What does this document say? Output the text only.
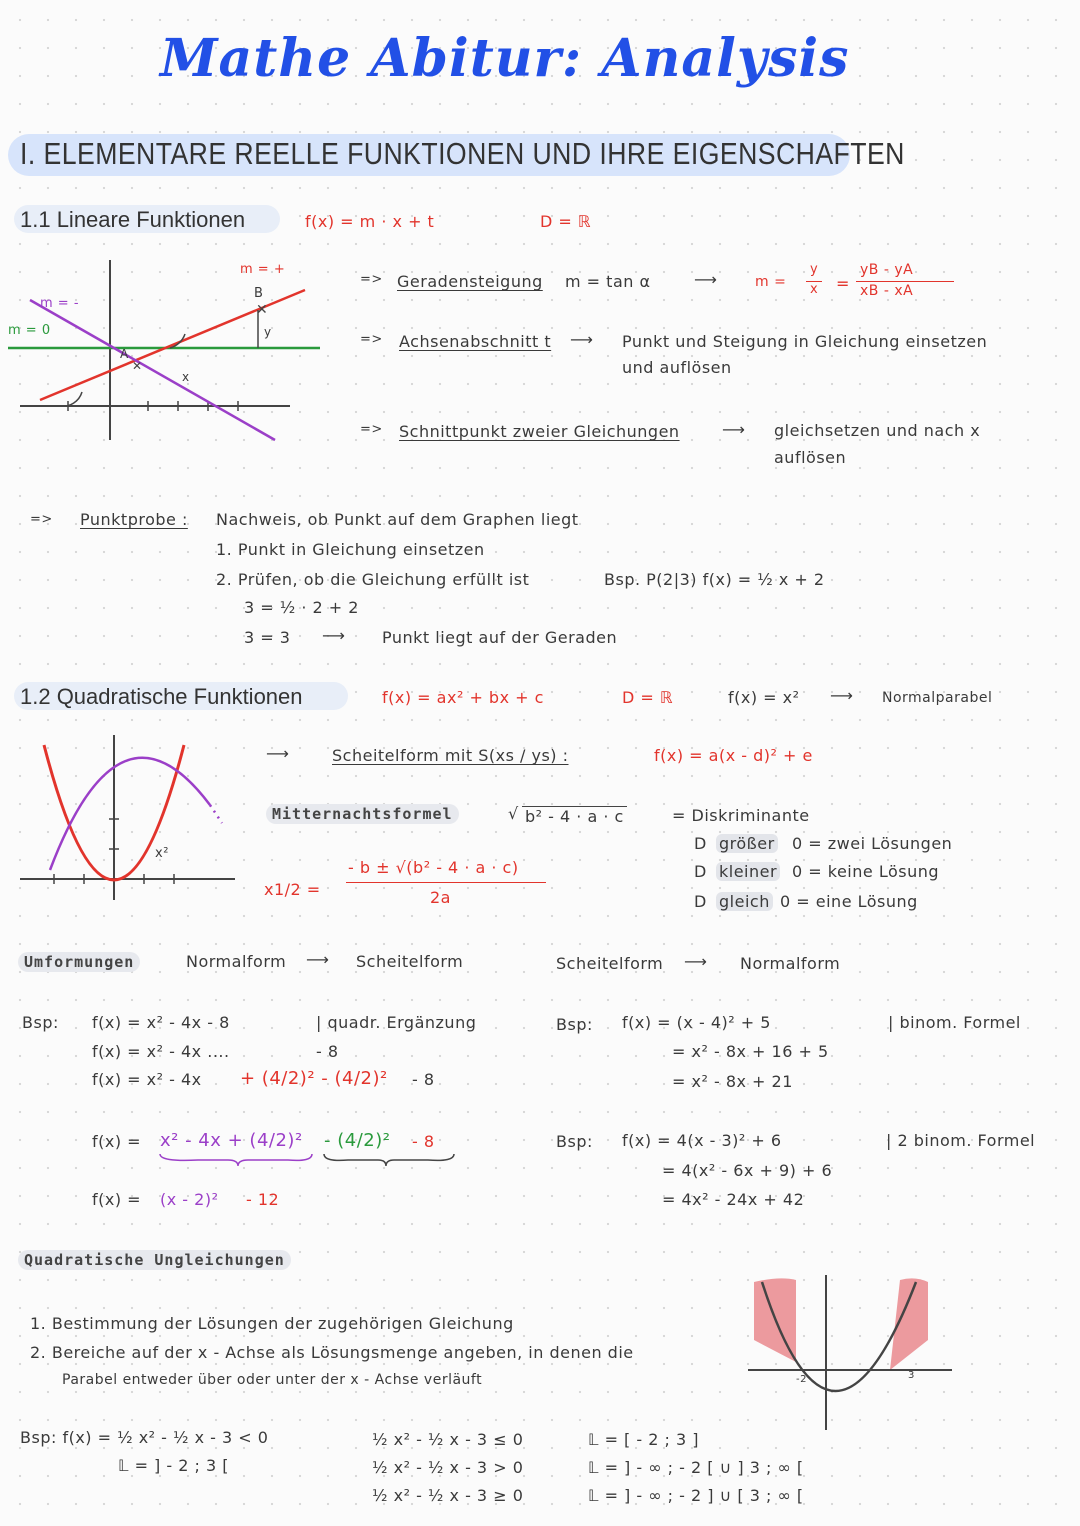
Mathe Abitur: Analysis
I. ELEMENTARE REELLE FUNKTIONEN UND IHRE EIGENSCHAFTEN
1.1 Lineare Funktionen	f(x) = m · x + t	D = ℝ
✕
✕
m = +
B
m = -
m = 0
A
x
y
=> Geradensteigung m = tan α	⟶	m =
y
x =
yB - yA
xB - xA
=> Achsenabschnitt t ⟶ Punkt und Steigung in Gleichung einsetzen
und auflösen
=> Schnittpunkt zweier Gleichungen	⟶ gleichsetzen und nach x
auflösen
=> Punktprobe : Nachweis, ob Punkt auf dem Graphen liegt
1. Punkt in Gleichung einsetzen
2. Prüfen, ob die Gleichung erfüllt ist	Bsp. P(2|3) f(x) = ½ x + 2
3 = ½ · 2 + 2
3 = 3 ⟶ Punkt liegt auf der Geraden
1.2 Quadratische Funktionen	f(x) = ax² + bx + c	D = ℝ	f(x) = x² ⟶ Normalparabel
x²
⟶	Scheitelform mit S(xs / ys) :	f(x) = a(x - d)² + e
Mitternachtsformel	√ b² - 4 · a · c	= Diskriminante
D größer 0 = zwei Lösungen
D kleiner 0 = keine Lösung
D gleich 0 = eine Lösung
x1/2 =
- b ± √(b² - 4 · a · c)
2a
Umformungen	Normalform ⟶ Scheitelform	Scheitelform ⟶ Normalform
Bsp: f(x) = x² - 4x - 8	| quadr. Ergänzung
f(x) = x² - 4x ....	- 8
f(x) = x² - 4x + (4/2)² - (4/2)² - 8
f(x) = x² - 4x + (4/2)² - (4/2)² - 8
f(x) = (x - 2)² - 12
Bsp: f(x) = (x - 4)² + 5	| binom. Formel
= x² - 8x + 16 + 5
= x² - 8x + 21
Bsp: f(x) = 4(x - 3)² + 6	| 2 binom. Formel
= 4(x² - 6x + 9) + 6
= 4x² - 24x + 42
Quadratische Ungleichungen
1. Bestimmung der Lösungen der zugehörigen Gleichung
2. Bereiche auf der x - Achse als Lösungsmenge angeben, in denen die
Parabel entweder über oder unter der x - Achse verläuft	-2	3
Bsp: f(x) = ½ x² - ½ x - 3 < 0
𝕃 = ] - 2 ; 3 [
½ x² - ½ x - 3 ≤ 0	𝕃 = [ - 2 ; 3 ]
½ x² - ½ x - 3 > 0	𝕃 = ] - ∞ ; - 2 [ ∪ ] 3 ; ∞ [
½ x² - ½ x - 3 ≥ 0	𝕃 = ] - ∞ ; - 2 ] ∪ [ 3 ; ∞ [
